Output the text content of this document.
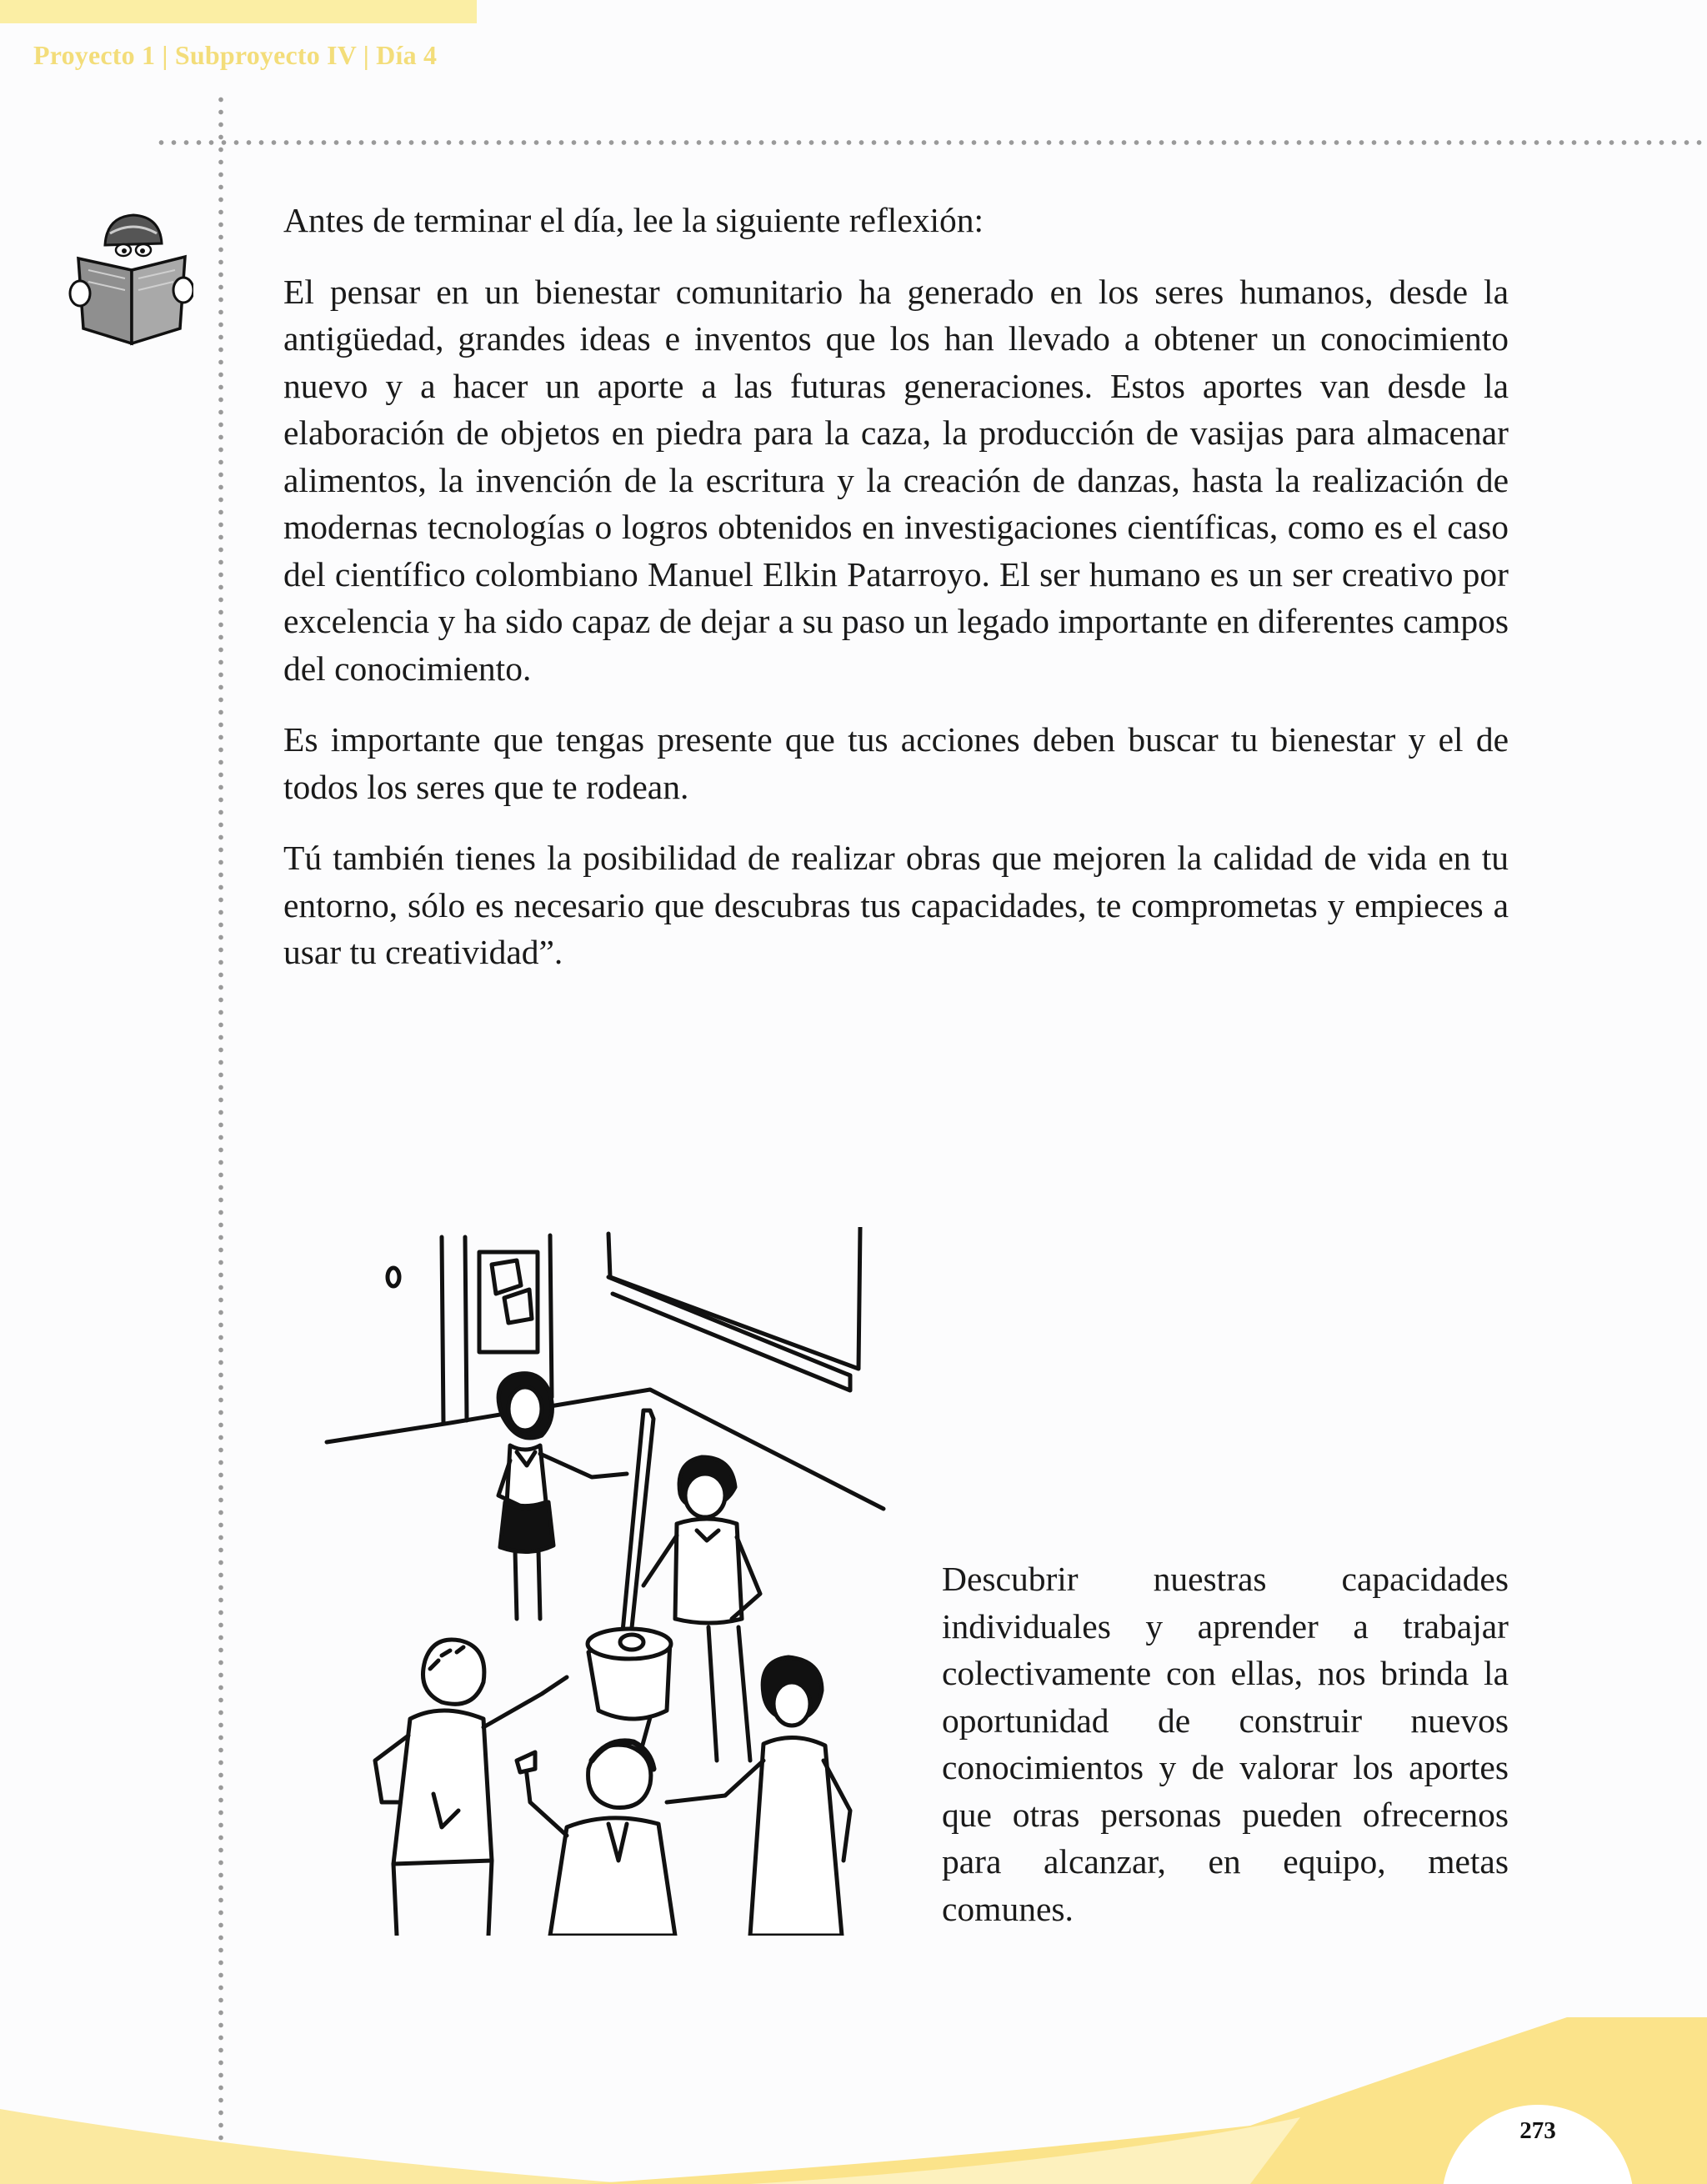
Proyecto 1 | Subproyecto IV | Día 4

Antes de terminar el día, lee la siguiente reflexión:

El pensar en un bienestar comunitario ha generado en los seres humanos, desde la antigüedad, grandes ideas e inventos que los han llevado a obtener un conocimiento nuevo y a hacer un aporte a las futuras generaciones. Estos aportes van desde la elaboración de objetos en piedra para la caza, la producción de vasijas para almacenar alimentos, la invención de la escritura y la creación de danzas, hasta la realización de modernas tecnologías o logros obtenidos en investigaciones científicas, como es el caso del científico colombiano Manuel Elkin Patarroyo. El ser humano es un ser creativo por excelencia y ha sido capaz de dejar a su paso un legado importante en diferentes campos del conocimiento.

Es importante que tengas presente que tus acciones deben buscar tu bienestar y el de todos los seres que te rodean.

Tú también tienes la posibilidad de realizar obras que mejoren la calidad de vida en tu entorno, sólo es necesario que descubras tus capacidades, te comprometas y empieces a usar tu creatividad”.

Descubrir nuestras capacidades individuales y aprender a trabajar colectivamente con ellas, nos brinda la oportunidad de construir nuevos conocimientos y de valorar los aportes que otras personas pueden ofrecernos para alcanzar, en equipo, metas comunes.

273
